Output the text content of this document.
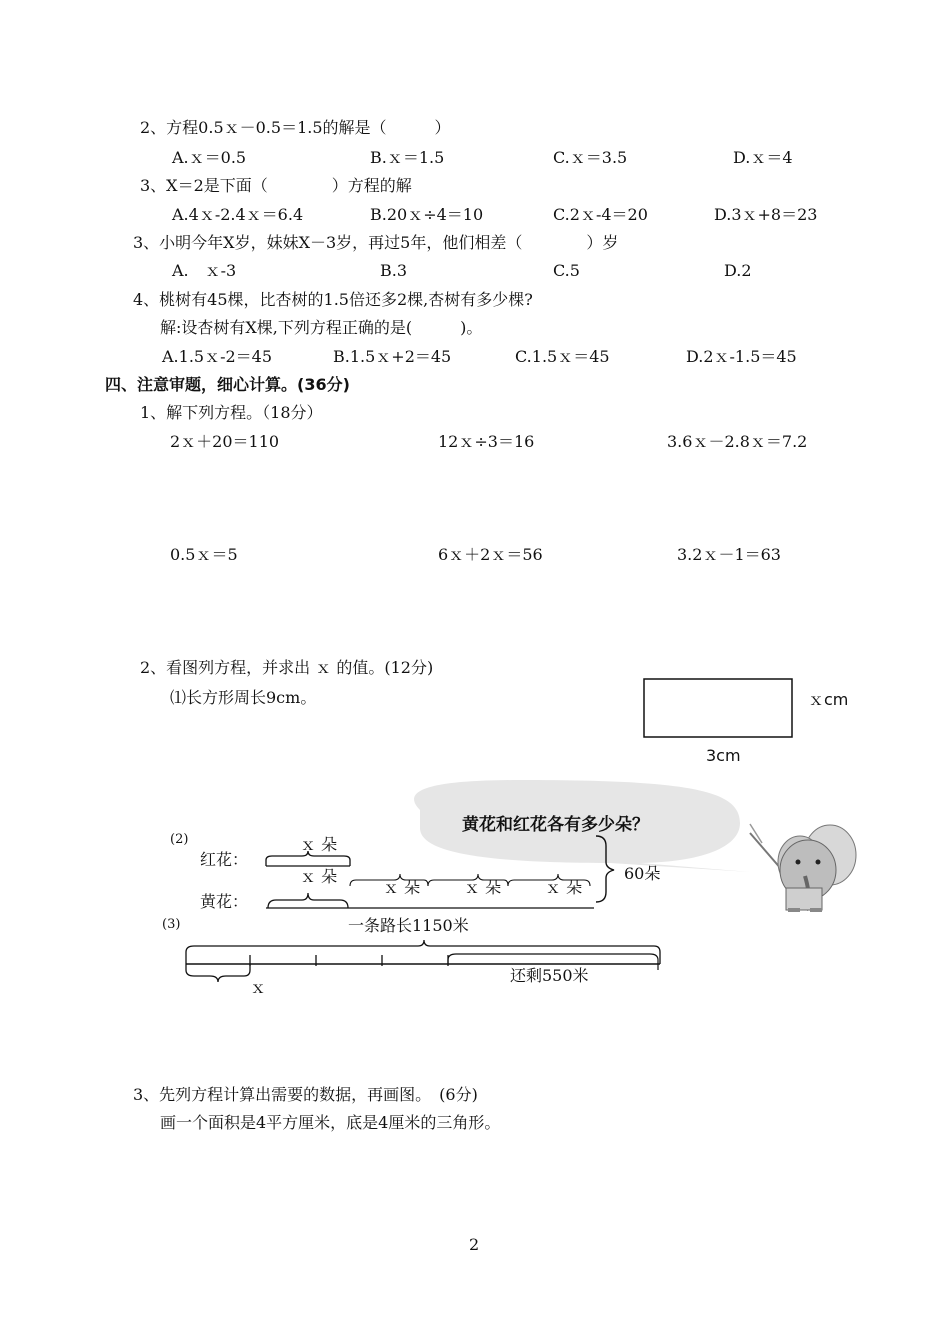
2、方程0.5ｘ－0.5＝1.5的解是（　　　）
A.ｘ＝0.5	B.ｘ＝1.5	C.ｘ＝3.5	D.ｘ＝4
3、X＝2是下面（　　　　）方程的解
A.4ｘ-2.4ｘ＝6.4	B.20ｘ÷4＝10	C.2ｘ-4＝20	D.3ｘ+8＝23
3、小明今年X岁，妹妹X－3岁，再过5年，他们相差（　　　　）岁
A.　ｘ-3	B.3	C.5	D.2
4、桃树有45棵，比杏树的1.5倍还多2棵,杏树有多少棵?
解:设杏树有X棵,下列方程正确的是(　　　)。
A.1.5ｘ-2＝45	B.1.5ｘ+2＝45	C.1.5ｘ＝45	D.2ｘ-1.5＝45
四、注意审题，细心计算。(36分)
1、解下列方程。（18分）
2ｘ＋20＝110	12ｘ÷3＝16	3.6ｘ－2.8ｘ＝7.2
0.5ｘ＝5	6ｘ＋2ｘ＝56	3.2ｘ－1＝63
2、看图列方程，并求出 ｘ 的值。(12分)
⑴长方形周长9cm。	ｘcm
3cm
黄花和红花各有多少朵？
(2)
红花：
黄花：
ｘ 朵
ｘ 朵
ｘ 朵	ｘ 朵	ｘ 朵
60朵
(3)	一条路长1150米
还剩550米
ｘ
3、先列方程计算出需要的数据，再画图。　(6分)
画一个面积是4平方厘米，底是4厘米的三角形。
2
